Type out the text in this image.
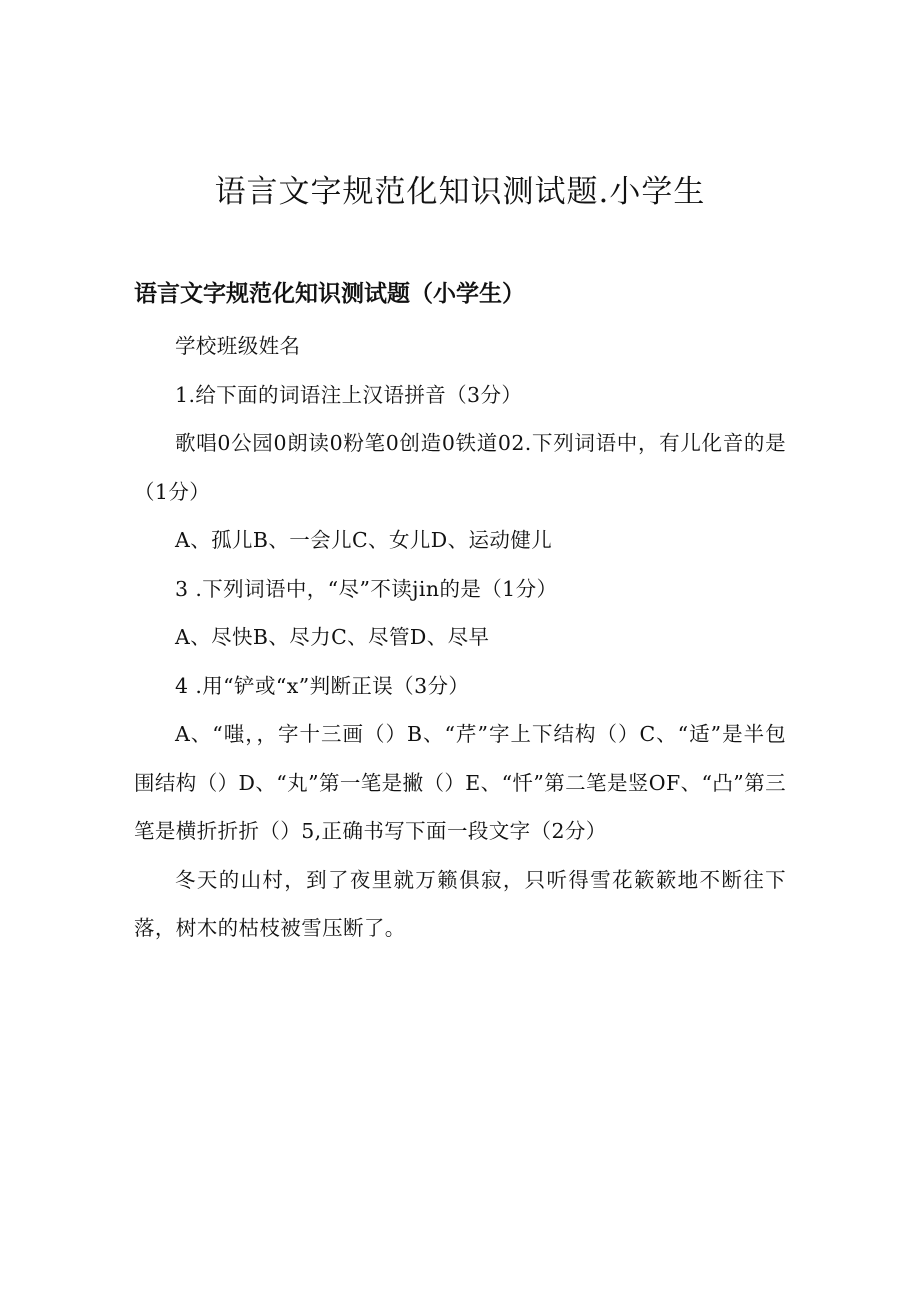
语言文字规范化知识测试题.小学生
语言文字规范化知识测试题（小学生）

学校班级姓名

1.给下面的词语注上汉语拼音（3分）

歌唱0公园0朗读0粉笔0创造0铁道02.下列词语中，有儿化音的是（1分）

A、孤儿B、一会儿C、女儿D、运动健儿

3 .下列词语中，“尽”不读jin的是（1分）

A、尽快B、尽力C、尽管D、尽早

4 .用“铲或“x”判断正误（3分）

A、“嗤，，字十三画（）B、“芹”字上下结构（）C、“适”是半包围结构（）D、“丸”第一笔是撇（）E、“忏”第二笔是竖OF、“凸”第三笔是横折折折（）5,正确书写下面一段文字（2分）

冬天的山村，到了夜里就万籁俱寂，只听得雪花簌簌地不断往下落，树木的枯枝被雪压断了。
